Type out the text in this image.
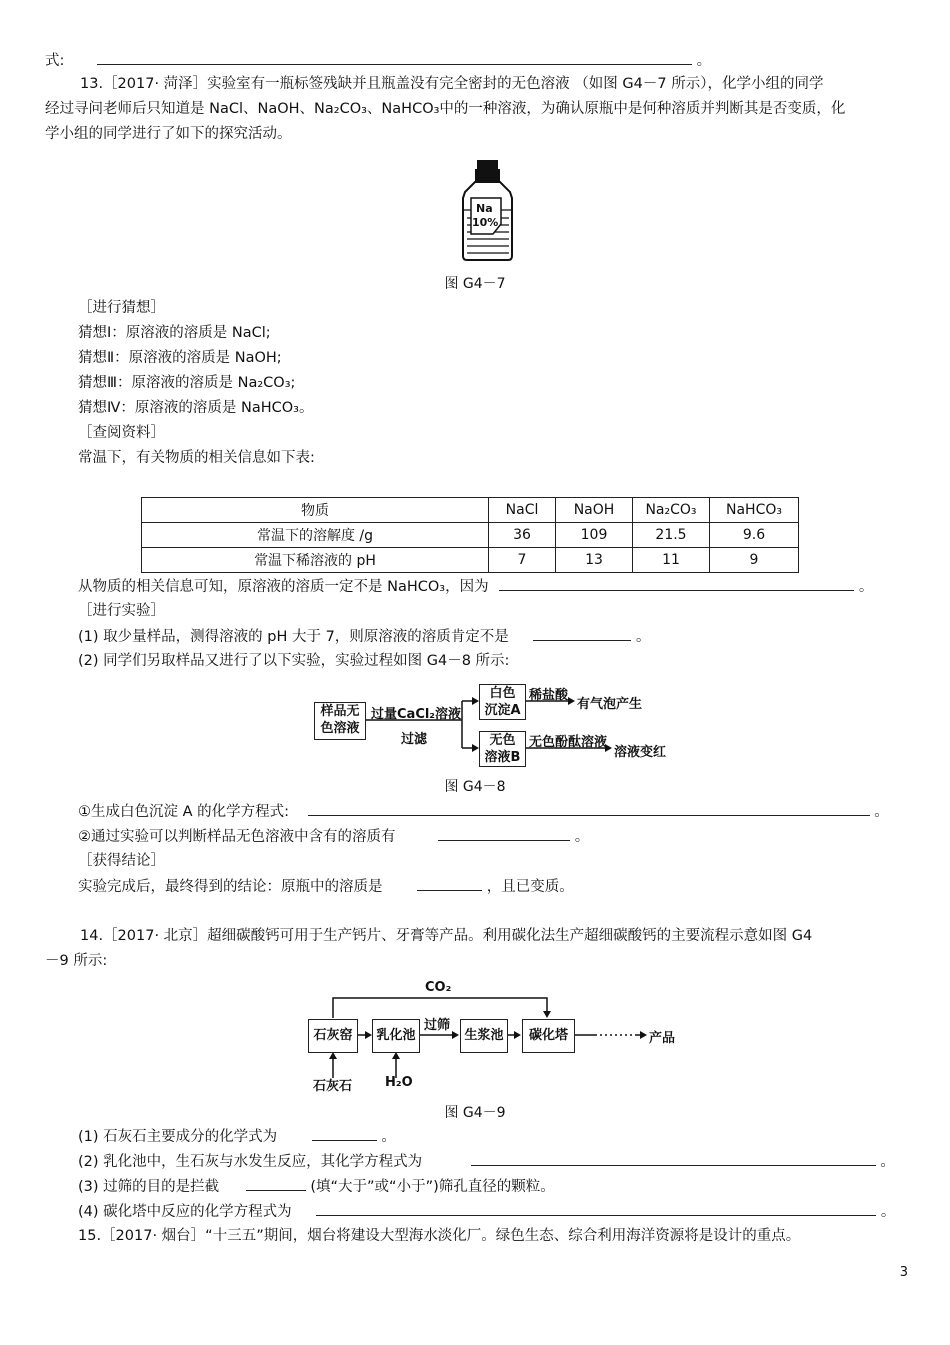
式:	。
13.［2017· 菏泽］实验室有一瓶标签残缺并且瓶盖没有完全密封的无色溶液 （如图 G4－7 所示），化学小组的同学
经过寻问老师后只知道是 NaCl、NaOH、Na₂CO₃、NaHCO₃中的一种溶液，为确认原瓶中是何种溶质并判断其是否变质，化
学小组的同学进行了如下的探究活动。
Na
10%
图 G4－7
［进行猜想］
猜想Ⅰ：原溶液的溶质是 NaCl;
猜想Ⅱ：原溶液的溶质是 NaOH;
猜想Ⅲ：原溶液的溶质是 Na₂CO₃;
猜想Ⅳ：原溶液的溶质是 NaHCO₃。
［查阅资料］
常温下，有关物质的相关信息如下表:
物质	NaCl	NaOH	Na₂CO₃	NaHCO₃
常温下的溶解度 /g	36	109	21.5	9.6
常温下稀溶液的 pH	7	13	11	9
从物质的相关信息可知，原溶液的溶质一定不是 NaHCO₃，因为	。
［进行实验］
(1) 取少量样品，测得溶液的 pH 大于 7，则原溶液的溶质肯定不是	。
(2) 同学们另取样品又进行了以下实验，实验过程如图 G4－8 所示:
样品无
色溶液
过量CaCl₂溶液
过滤
白色
沉淀A
稀盐酸
有气泡产生
无色
溶液B
无色酚酞溶液
溶液变红
图 G4－8
①生成白色沉淀 A 的化学方程式:	。
②通过实验可以判断样品无色溶液中含有的溶质有	。
［获得结论］
实验完成后，最终得到的结论：原瓶中的溶质是	，且已变质。
14.［2017· 北京］超细碳酸钙可用于生产钙片、牙膏等产品。利用碳化法生产超细碳酸钙的主要流程示意如图 G4
－9 所示:
CO₂
石灰窑	乳化池
过筛
生浆池	碳化塔	产品
石灰石	H₂O
图 G4－9
(1) 石灰石主要成分的化学式为	。
(2) 乳化池中，生石灰与水发生反应，其化学方程式为	。
(3) 过筛的目的是拦截	(填“大于”或“小于”)筛孔直径的颗粒。
(4) 碳化塔中反应的化学方程式为	。
15.［2017· 烟台］“十三五”期间，烟台将建设大型海水淡化厂。绿色生态、综合利用海洋资源将是设计的重点。
3
